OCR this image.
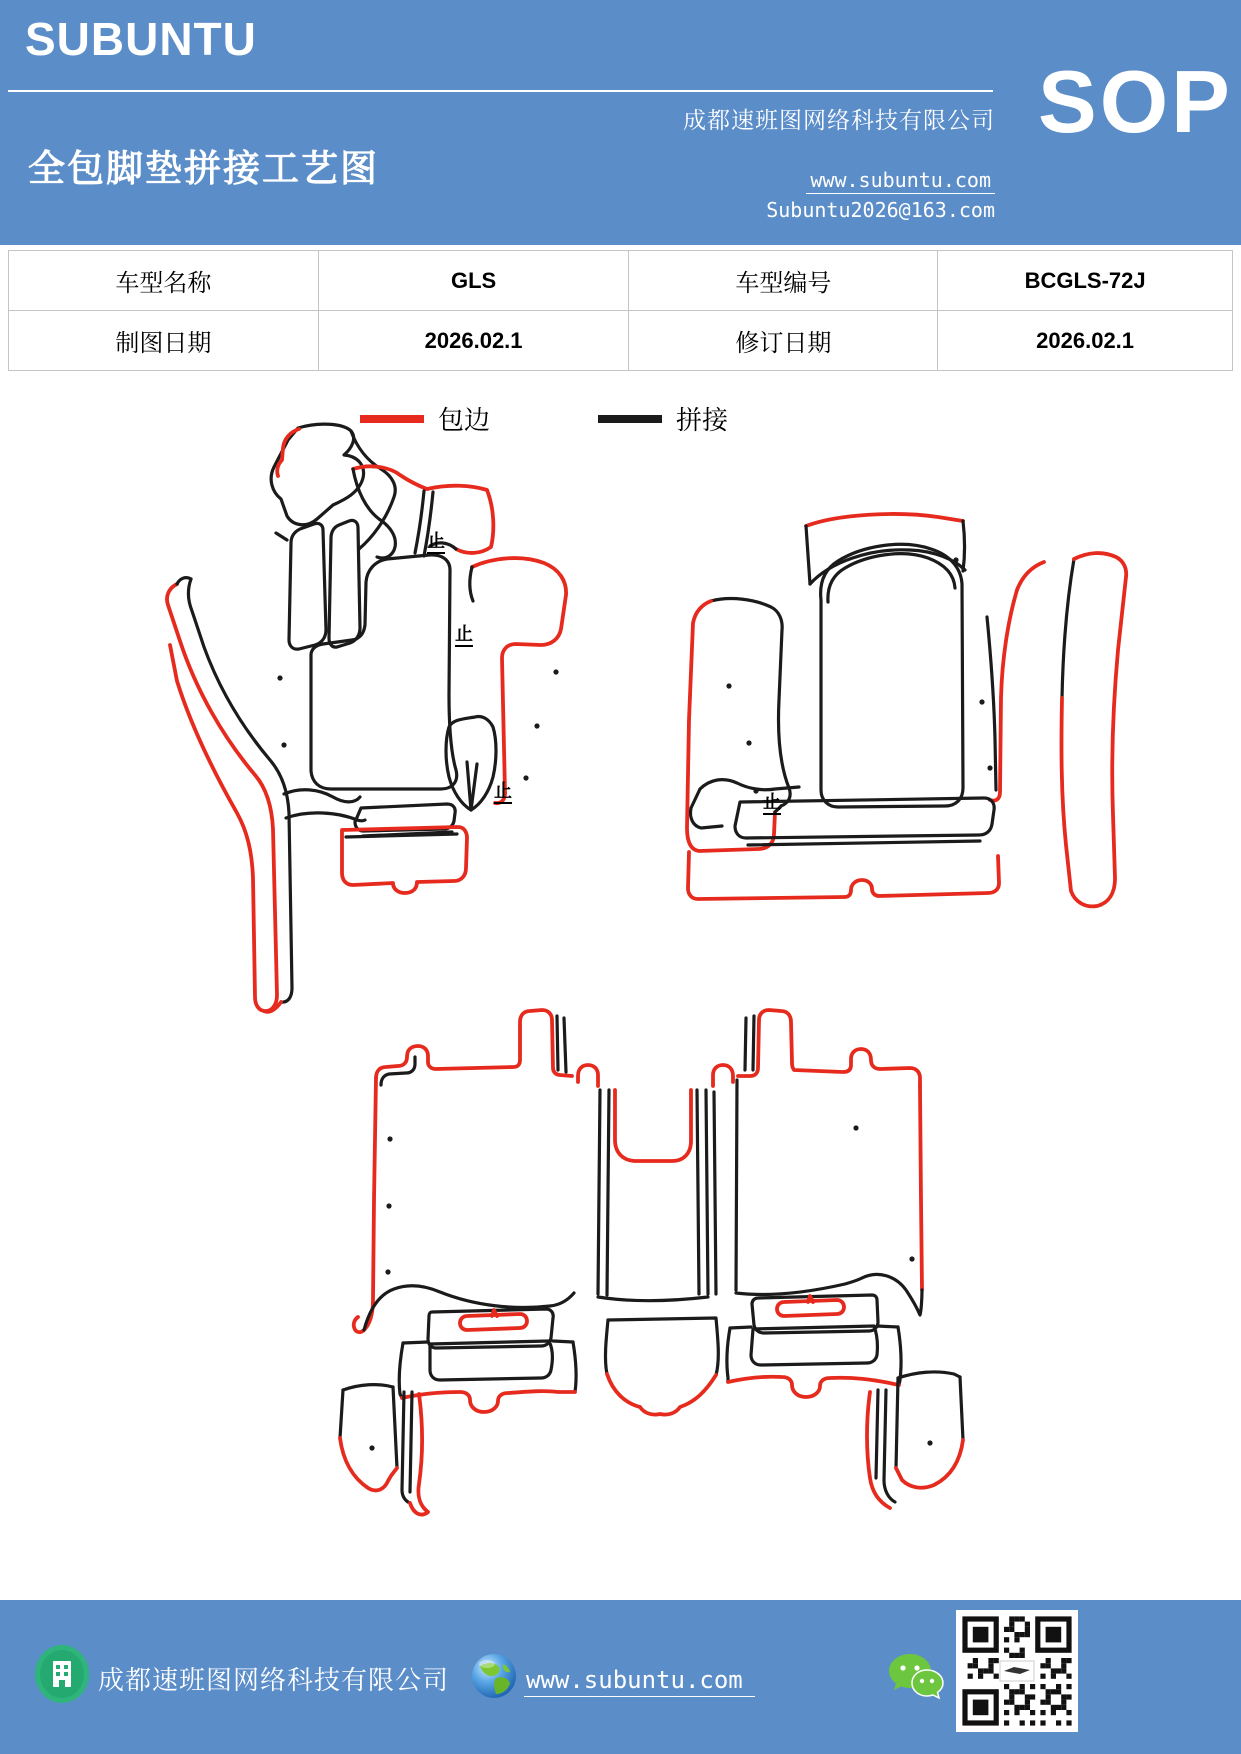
SUBUNTU
全包脚垫拼接工艺图
成都速班图网络科技有限公司
www.subuntu.com
Subuntu2026@163.com
SOP
车型名称	GLS	车型编号	BCGLS-72J
制图日期	2026.02.1	修订日期	2026.02.1
包边	拼接
止
止
止
止
成都速班图网络科技有限公司	www.subuntu.com
